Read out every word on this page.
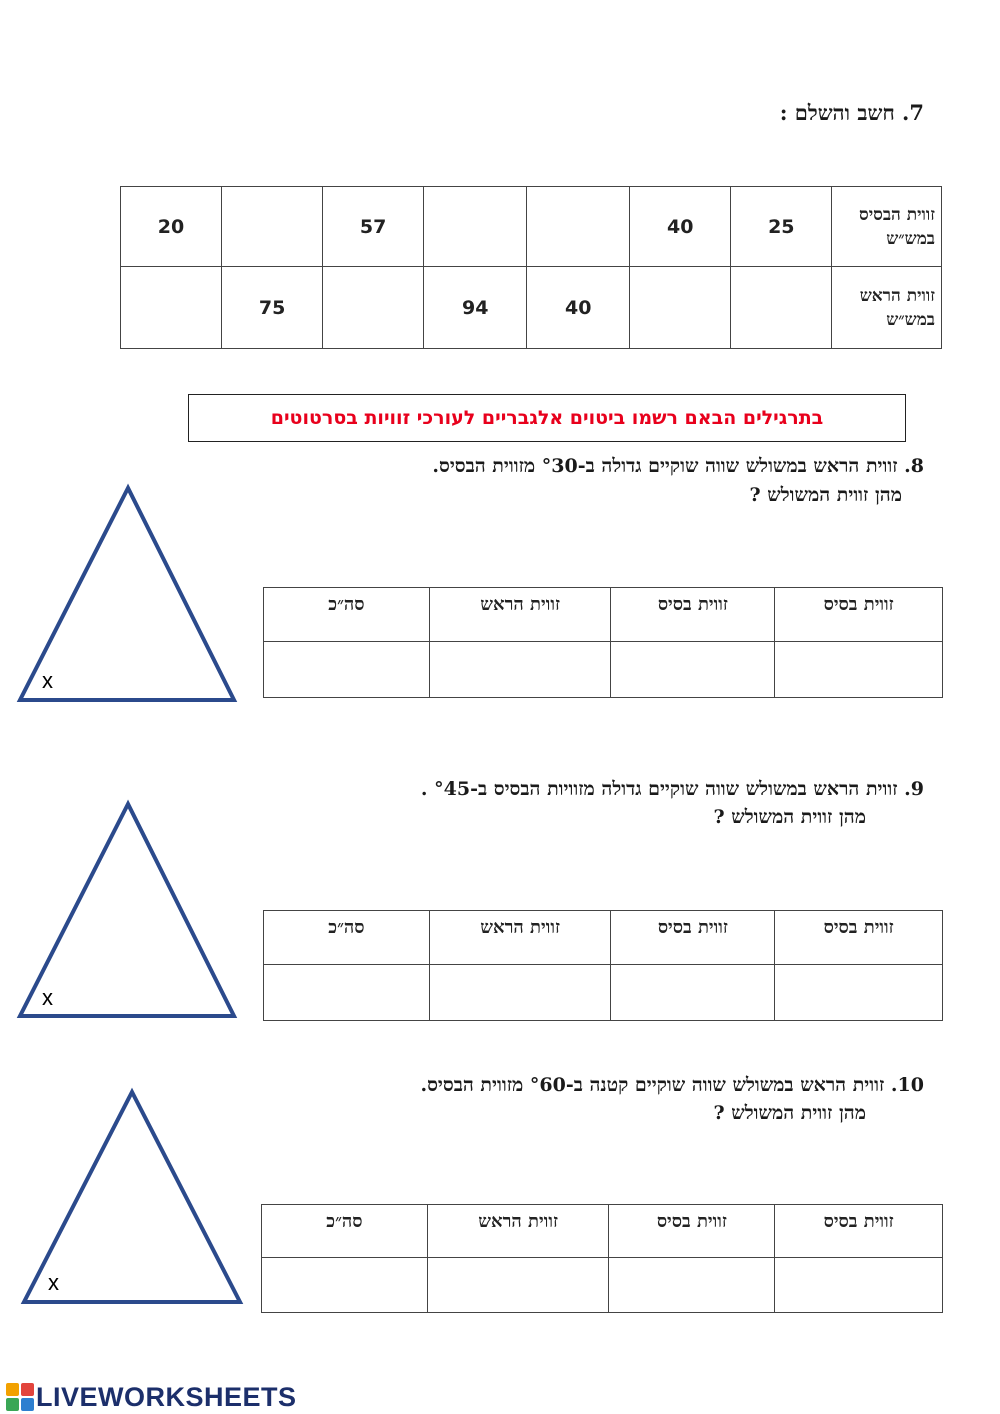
7. חשב והשלם :
20		57			40	25	זווית הבסיס במש״ש
	75		94	40			זווית הראש במש״ש
בתרגילים הבאם רשמו ביטוים אלגבריים לעורכי זוויות בסרטוטים
8. זווית הראש במשולש שווה שוקיים גדולה ב-°30 מזווית הבסיס.
מהן זווית המשולש ?
x
סה״כ	זווית הראש	זווית בסיס	זווית בסיס

9. זווית הראש במשולש שווה שוקיים גדולה מזוויות הבסיס ב-°45 .
מהן זווית המשולש ?
x
סה״כ	זווית הראש	זווית בסיס	זווית בסיס

10. זווית הראש במשולש שווה שוקיים קטנה ב-°60 מזווית הבסיס.
מהן זווית המשולש ?
x
סה״כ	זווית הראש	זווית בסיס	זווית בסיס

LIVEWORKSHEETS
